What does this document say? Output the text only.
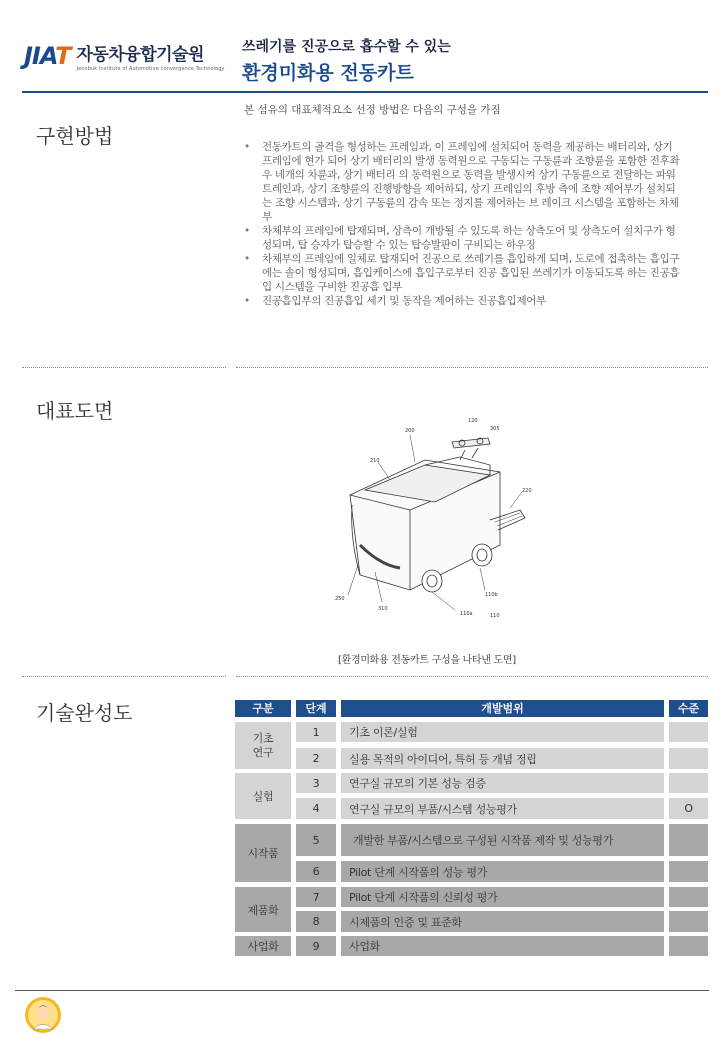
JIAT 자동차융합기술원
Jeonbuk Institute of Automotive convergence Technology
쓰레기를 진공으로 흡수할 수 있는
환경미화용 전동카트
구현방법
본 섬유의 대표체적요소 선정 방법은 다음의 구성을 가짐
• 전동카트의 골격을 형성하는 프레임과, 이 프레임에 설치되어 동력을 제공하는 배터리와, 상기 프레임에 현가 되어 상기 배터리의 발생 동력원으로 구동되는 구동륜과 조향륜을 포함한 전후좌우 네개의 차륜과, 상기 배터리 의 동력원으로 동력을 발생시켜 상기 구동륜으로 전달하는 파워트레인과, 상기 조향륜의 진행방향을 제어하되, 상기 프레임의 후방 측에 조향 제어부가 설치되는 조향 시스템과, 상기 구동륜의 감속 또는 정지를 제어하는 브 레이크 시스템을 포함하는 차체부
• 차체부의 프레임에 탑재되며, 상측이 개방될 수 있도록 하는 상측도어 및 상측도어 설치구가 형성되며, 탑 승자가 탑승할 수 있는 탑승발판이 구비되는 하우징
• 차체부의 프레임에 일체로 탑재되어 진공으로 쓰레기를 흡입하게 되며, 도로에 접촉하는 흡입구에는 솔이 형성되며, 흡입케이스에 흡입구로부터 진공 흡입된 쓰레기가 이동되도록 하는 진공흡입 시스템을 구비한 진공흡 입부
• 진공흡입부의 진공흡입 세기 및 동작을 제어하는 진공흡입제어부
대표도면	120
305
200
210
220
250
310
110b
110a	110
[환경미화용 전동카트 구성을 나타낸 도면]
기술완성도	구분	단계	개발범위	수준
기초
연구
1	기초 이론/실험
2	실용 목적의 아이디어, 특허 등 개념 정립
실험
3	연구실 규모의 기본 성능 검증
4	연구실 규모의 부품/시스템 성능평가	O
시작품
5	개발한 부품/시스템으로 구성된 시작품 제작 및 성능평가
6	Pilot 단계 시작품의 성능 평가
제품화
7	Pilot 단계 시작품의 신뢰성 평가
8	시제품의 인증 및 표준화
사업화	9	사업화
